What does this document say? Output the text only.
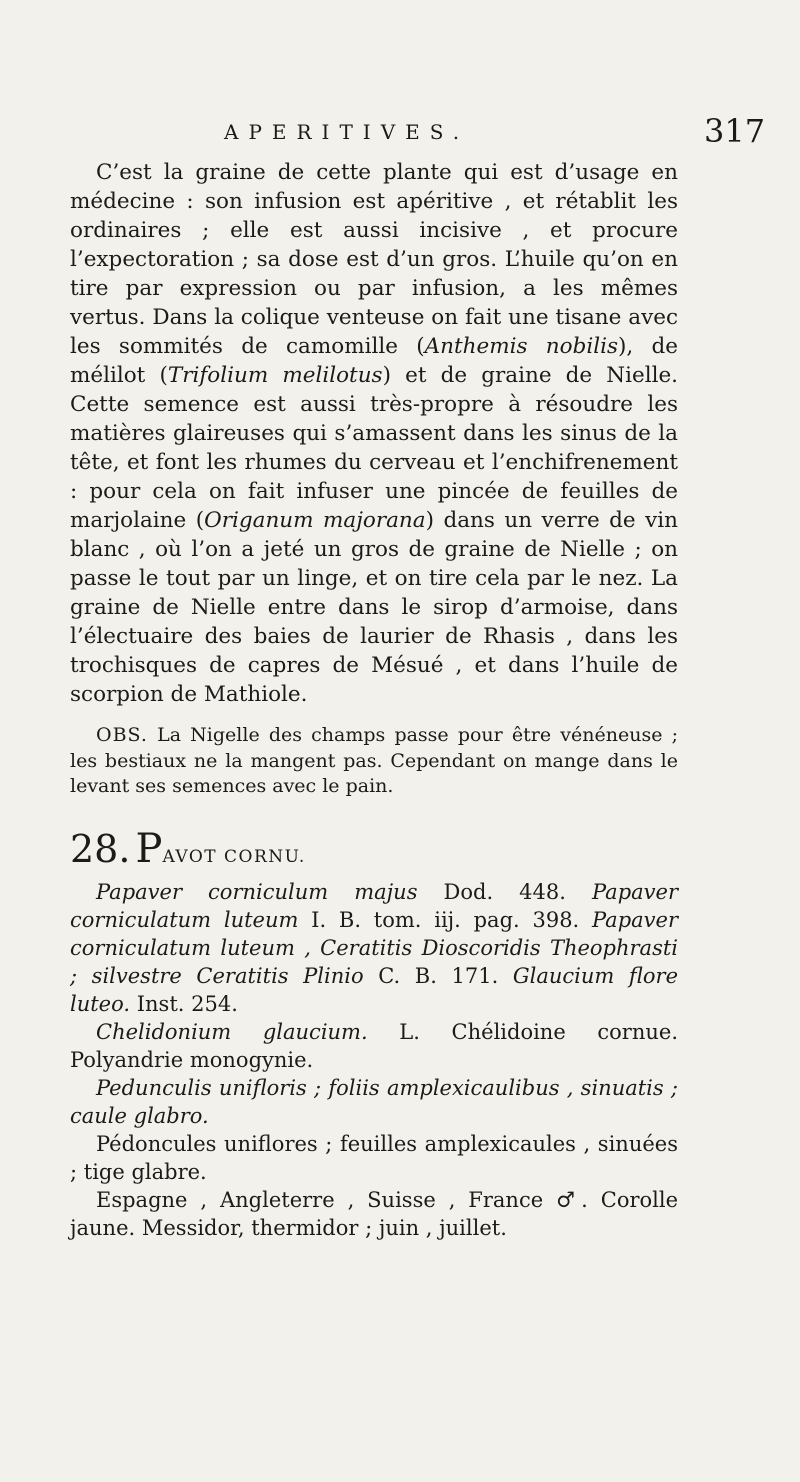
APERITIVES.	317

C’est la graine de cette plante qui est d’usage en médecine : son infusion est apéritive , et rétablit les ordinaires ; elle est aussi incisive , et procure l’expectoration ; sa dose est d’un gros. L’huile qu’on en tire par expression ou par infusion, a les mêmes vertus. Dans la colique venteuse on fait une tisane avec les sommités de camomille (Anthemis nobilis), de mélilot (Trifolium melilotus) et de graine de Nielle. Cette semence est aussi très-propre à résoudre les matières glaireuses qui s’amassent dans les sinus de la tête, et font les rhumes du cerveau et l’enchifrenement : pour cela on fait infuser une pincée de feuilles de marjolaine (Origanum majorana) dans un verre de vin blanc , où l’on a jeté un gros de graine de Nielle ; on passe le tout par un linge, et on tire cela par le nez. La graine de Nielle entre dans le sirop d’armoise, dans l’électuaire des baies de laurier de Rhasis , dans les trochisques de capres de Mésué , et dans l’huile de scorpion de Mathiole.

OBS. La Nigelle des champs passe pour être vénéneuse ; les bestiaux ne la mangent pas. Cependant on mange dans le levant ses semences avec le pain.

28. PAVOT CORNU.

Papaver corniculum majus Dod. 448. Papaver corniculatum luteum I. B. tom. iij. pag. 398. Papaver corniculatum luteum , Ceratitis Dioscoridis Theophrasti ; silvestre Ceratitis Plinio C. B. 171. Glaucium flore luteo. Inst. 254.

Chelidonium glaucium. L. Chélidoine cornue. Polyandrie monogynie.

Pedunculis unifloris ; foliis amplexicaulibus , sinuatis ; caule glabro.

Pédoncules uniflores ; feuilles amplexicaules , sinuées ; tige glabre.

Espagne , Angleterre , Suisse , France ♂. Corolle jaune. Messidor, thermidor ; juin , juillet.
